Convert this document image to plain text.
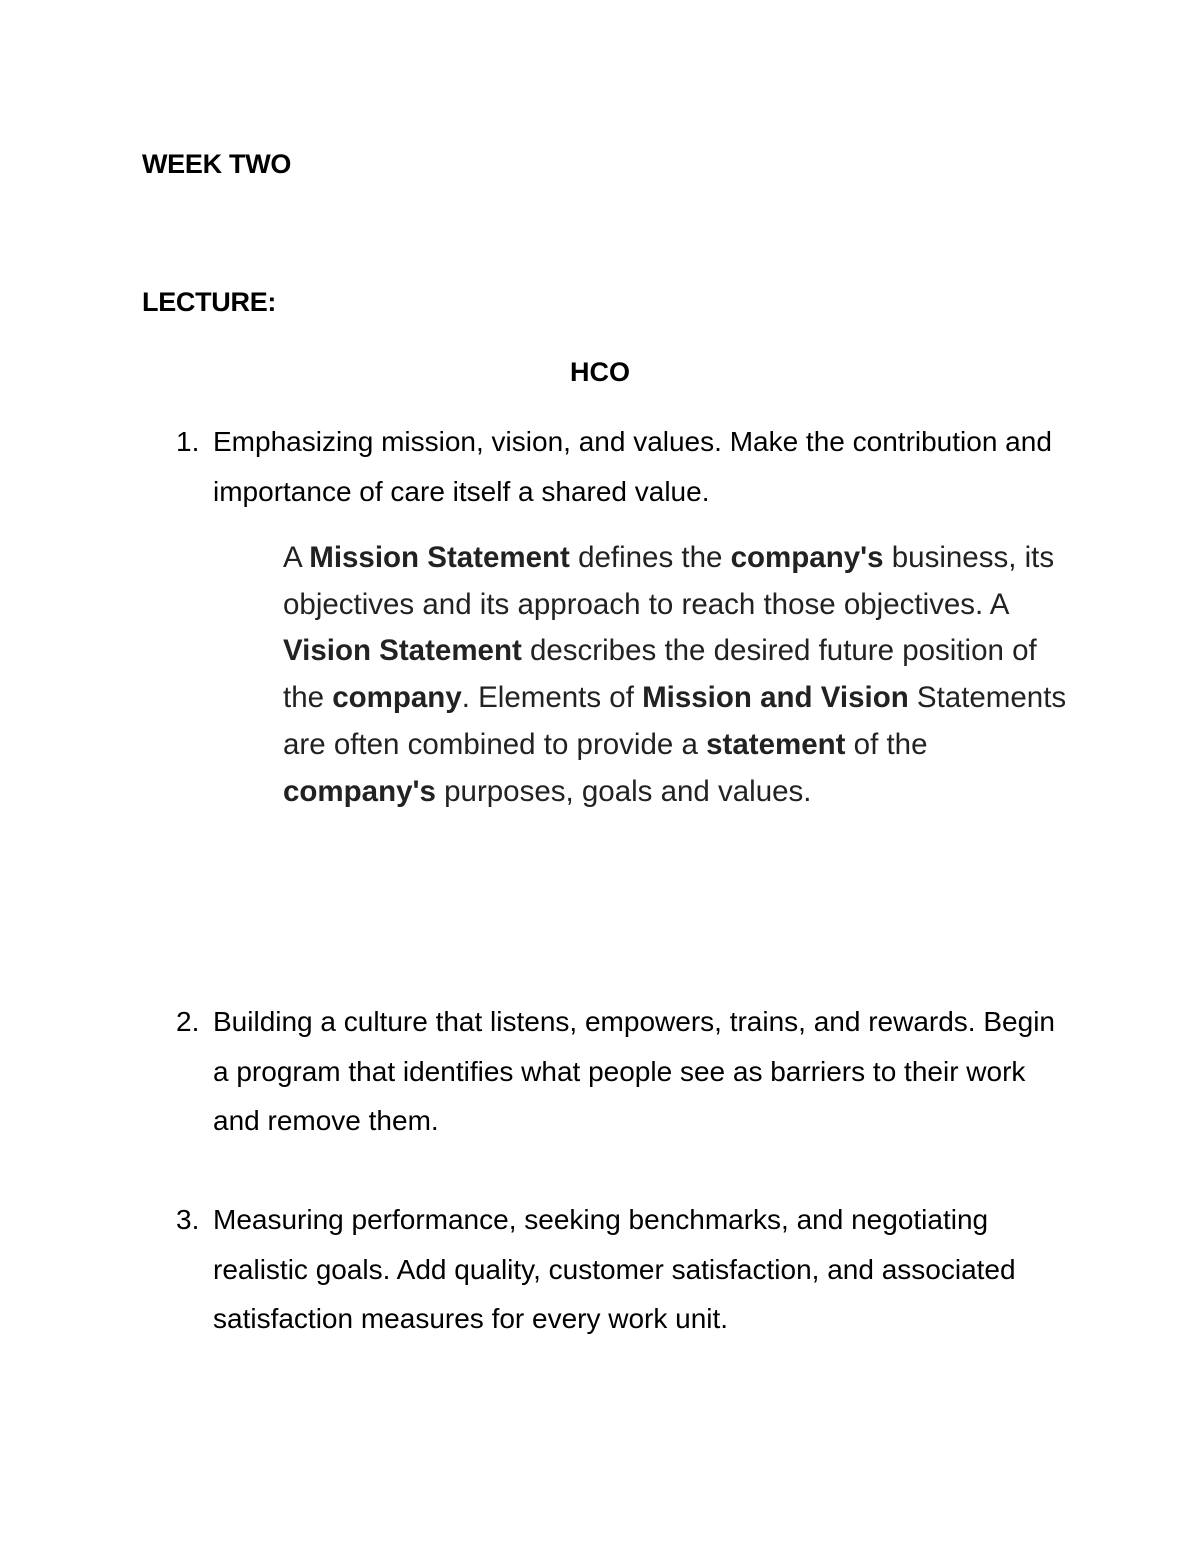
WEEK TWO
LECTURE:
HCO
1. Emphasizing mission, vision, and values. Make the contribution and importance of care itself a shared value.
A Mission Statement defines the company's business, its objectives and its approach to reach those objectives. A Vision Statement describes the desired future position of the company. Elements of Mission and Vision Statements are often combined to provide a statement of the company's purposes, goals and values.
2. Building a culture that listens, empowers, trains, and rewards. Begin a program that identifies what people see as barriers to their work and remove them.
3. Measuring performance, seeking benchmarks, and negotiating realistic goals. Add quality, customer satisfaction, and associated satisfaction measures for every work unit.
